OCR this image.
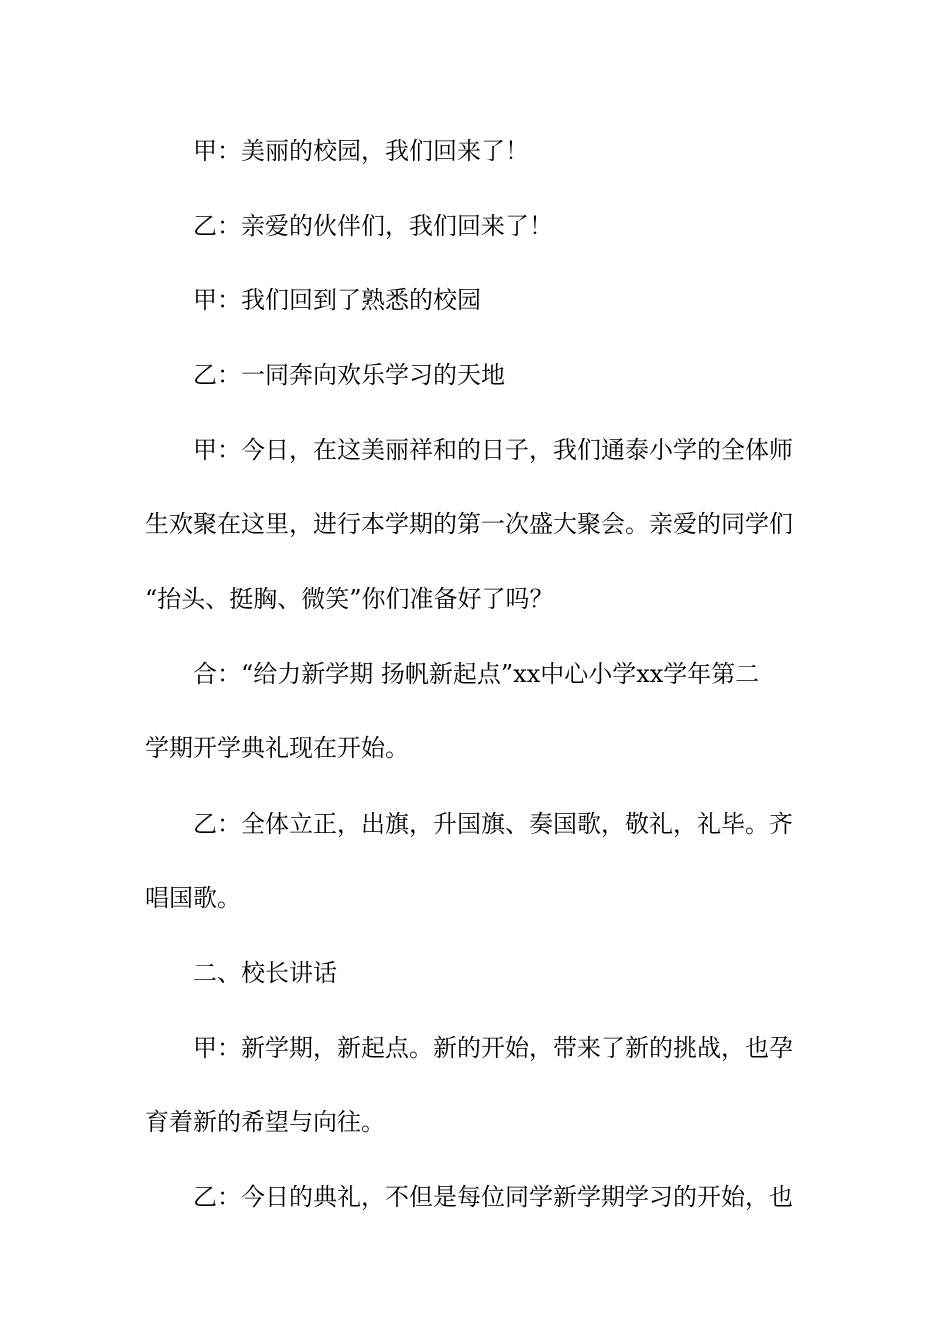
甲：美丽的校园，我们回来了！
乙：亲爱的伙伴们，我们回来了！
甲：我们回到了熟悉的校园
乙：一同奔向欢乐学习的天地
甲：今日，在这美丽祥和的日子，我们通泰小学的全体师
生欢聚在这里，进行本学期的第一次盛大聚会。亲爱的同学们
“抬头、挺胸、微笑”你们准备好了吗？
合：“给力新学期 扬帆新起点”xx中心小学xx学年第二
学期开学典礼现在开始。
乙：全体立正，出旗，升国旗、奏国歌，敬礼，礼毕。齐
唱国歌。
二、校长讲话
甲：新学期，新起点。新的开始，带来了新的挑战，也孕
育着新的希望与向往。
乙：今日的典礼，不但是每位同学新学期学习的开始，也
